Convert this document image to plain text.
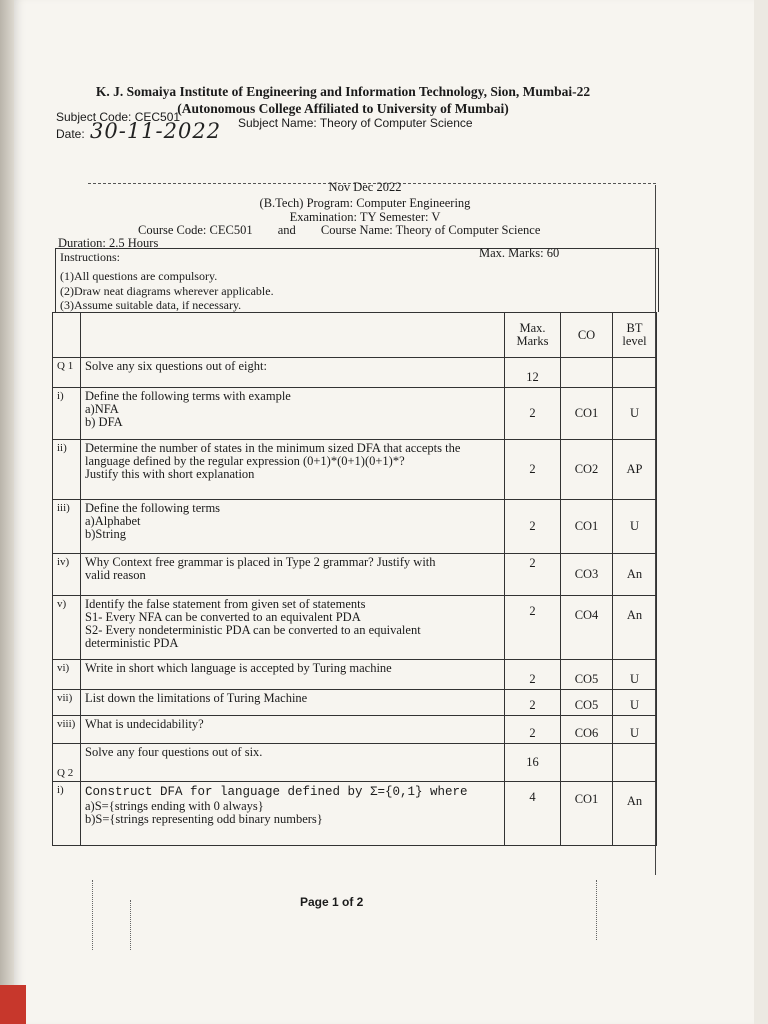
K. J. Somaiya Institute of Engineering and Information Technology, Sion, Mumbai-22
(Autonomous College Affiliated to University of Mumbai)
Subject Code: CEC501	Subject Name: Theory of Computer Science
Date: 30-11-2022
Nov Dec 2022
(B.Tech) Program: Computer Engineering
Examination: TY Semester: V
Course Code: CEC501 and Course Name: Theory of Computer Science
Duration: 2.5 Hours
Max. Marks: 60
Instructions:
(1)All questions are compulsory.
(2)Draw neat diagrams wherever applicable.
(3)Assume suitable data, if necessary.

		Max.
Marks	CO	BT
level

Q 1	Solve any six questions out of eight:	12		
i)	Define the following terms with example
a)NFA
b) DFA	2	CO1	U
ii)	Determine the number of states in the minimum sized DFA that accepts the
language defined by the regular expression (0+1)*(0+1)(0+1)*?
Justify this with short explanation	2	CO2	AP
iii)	Define the following terms
a)Alphabet
b)String	2	CO1	U
iv)	Why Context free grammar is placed in Type 2 grammar? Justify with
valid reason	2	CO3	An
v)	Identify the false statement from given set of statements
S1- Every NFA can be converted to an equivalent PDA
S2- Every nondeterministic PDA can be converted to an equivalent
deterministic PDA	2	CO4	An
vi)	Write in short which language is accepted by Turing machine	2	CO5	U
vii)	List down the limitations of Turing Machine	2	CO5	U
viii)	What is undecidability?	2	CO6	U
Q 2	Solve any four questions out of six.	16		
i)	Construct DFA for language defined by Σ={0,1} where
a)S={strings ending with 0 always}
b)S={strings representing odd binary numbers}	4	CO1	An
Page 1 of 2
